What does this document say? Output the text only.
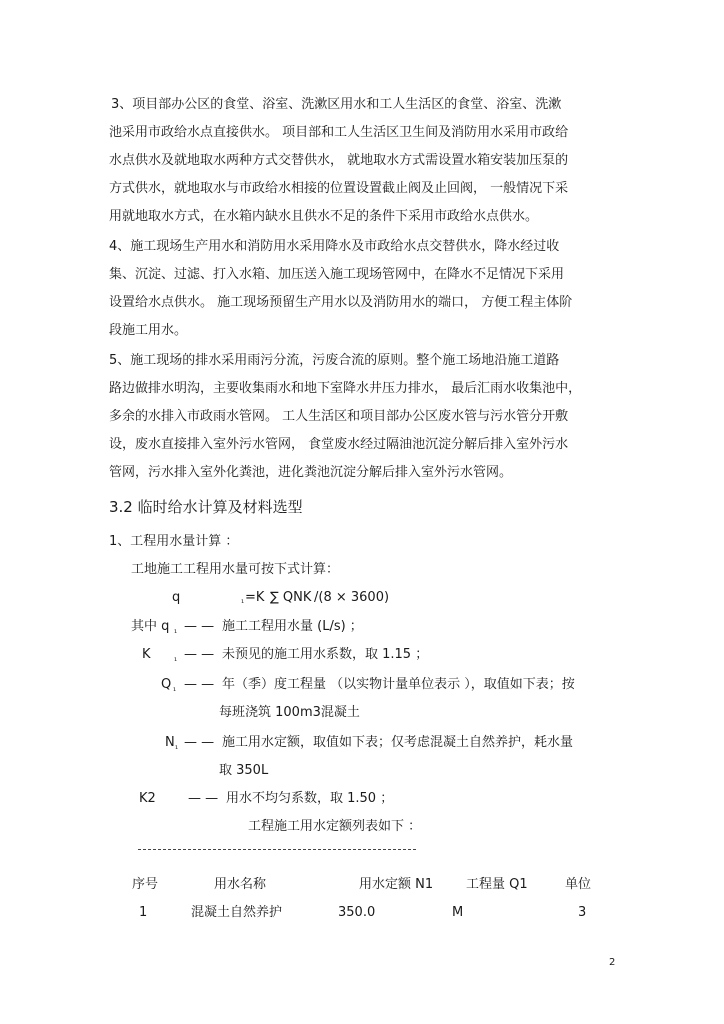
3、项目部办公区的食堂、浴室、洗漱区用水和工人生活区的食堂、浴室、洗漱
池采用市政给水点直接供水。 项目部和工人生活区卫生间及消防用水采用市政给
水点供水及就地取水两种方式交替供水， 就地取水方式需设置水箱安装加压泵的
方式供水，就地取水与市政给水相接的位置设置截止阀及止回阀， 一般情况下采
用就地取水方式，在水箱内缺水且供水不足的条件下采用市政给水点供水。
4、施工现场生产用水和消防用水采用降水及市政给水点交替供水，降水经过收
集、沉淀、过滤、打入水箱、加压送入施工现场管网中，在降水不足情况下采用
设置给水点供水。 施工现场预留生产用水以及消防用水的端口， 方便工程主体阶
段施工用水。
5、施工现场的排水采用雨污分流，污废合流的原则。整个施工场地沿施工道路
路边做排水明沟，主要收集雨水和地下室降水井压力排水， 最后汇雨水收集池中，
多余的水排入市政雨水管网。 工人生活区和项目部办公区废水管与污水管分开敷
设，废水直接排入室外污水管网， 食堂废水经过隔油池沉淀分解后排入室外污水
管网，污水排入室外化粪池，进化粪池沉淀分解后排入室外污水管网。
3.2 临时给水计算及材料选型
1、工程用水量计算 ：
工地施工工程用水量可按下式计算：
q	₁ =K ∑ QNK /(8 × 3600)
其中 q ₁ — — 施工工程用水量 (L/s) ；
K	₁ — — 未预见的施工用水系数，取 1.15 ；
Q ₁ — — 年（季）度工程量 （以实物计量单位表示 ），取值如下表；按
每班浇筑 100m3混凝土
N ₁ — — 施工用水定额，取值如下表；仅考虑混凝土自然养护，耗水量
取 350L
K2 — — 用水不均匀系数，取 1.50 ；
工程施工用水定额列表如下 ：
序号	用水名称	用水定额 N1	工程量 Q1	单位
1	混凝土自然养护	350.0	M	3
2
